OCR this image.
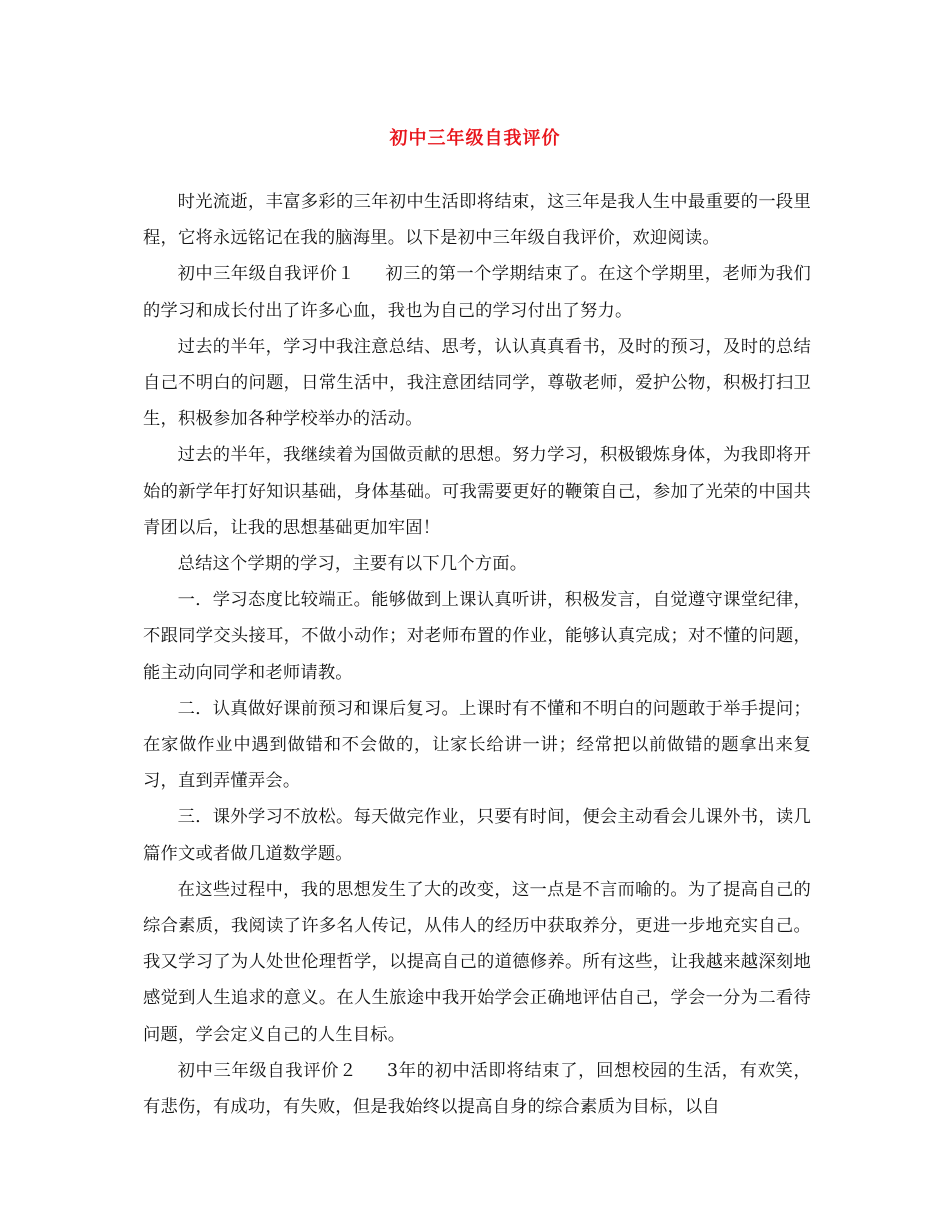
初中三年级自我评价

时光流逝，丰富多彩的三年初中生活即将结束，这三年是我人生中最重要的一段里程，它将永远铭记在我的脑海里。以下是初中三年级自我评价，欢迎阅读。

初中三年级自我评价１ 初三的第一个学期结束了。在这个学期里，老师为我们的学习和成长付出了许多心血，我也为自己的学习付出了努力。

过去的半年，学习中我注意总结、思考，认认真真看书，及时的预习，及时的总结自己不明白的问题，日常生活中，我注意团结同学，尊敬老师，爱护公物，积极打扫卫生，积极参加各种学校举办的活动。

过去的半年，我继续着为国做贡献的思想。努力学习，积极锻炼身体，为我即将开始的新学年打好知识基础，身体基础。可我需要更好的鞭策自己，参加了光荣的中国共青团以后，让我的思想基础更加牢固！

总结这个学期的学习，主要有以下几个方面。

一．学习态度比较端正。能够做到上课认真听讲，积极发言，自觉遵守课堂纪律，不跟同学交头接耳，不做小动作；对老师布置的作业，能够认真完成；对不懂的问题，能主动向同学和老师请教。

二．认真做好课前预习和课后复习。上课时有不懂和不明白的问题敢于举手提问；在家做作业中遇到做错和不会做的，让家长给讲一讲；经常把以前做错的题拿出来复习，直到弄懂弄会。

三．课外学习不放松。每天做完作业，只要有时间，便会主动看会儿课外书，读几篇作文或者做几道数学题。

在这些过程中，我的思想发生了大的改变，这一点是不言而喻的。为了提高自己的综合素质，我阅读了许多名人传记，从伟人的经历中获取养分，更进一步地充实自己。我又学习了为人处世伦理哲学，以提高自己的道德修养。所有这些，让我越来越深刻地感觉到人生追求的意义。在人生旅途中我开始学会正确地评估自己，学会一分为二看待问题，学会定义自己的人生目标。

初中三年级自我评价２ 3年的初中活即将结束了，回想校园的生活，有欢笑，有悲伤，有成功，有失败，但是我始终以提高自身的综合素质为目标，以自
